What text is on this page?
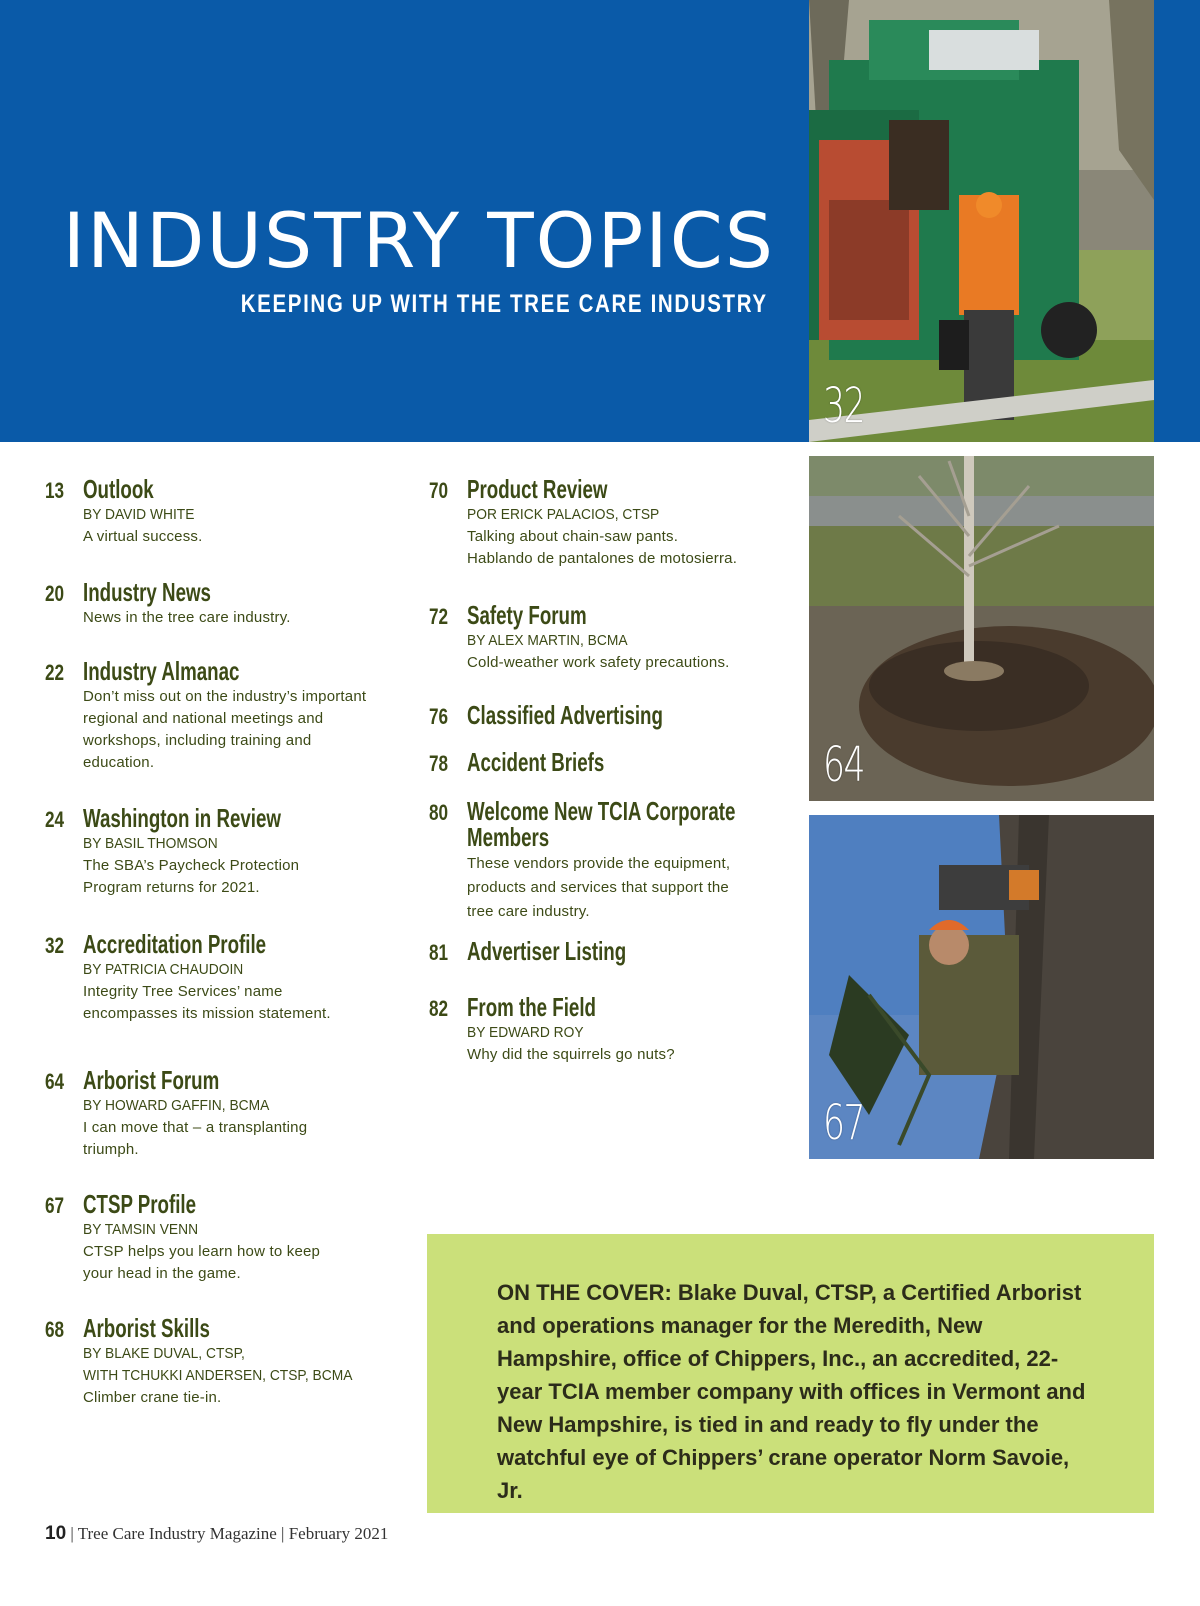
INDUSTRY TOPICS
KEEPING UP WITH THE TREE CARE INDUSTRY
32
64
67
13 Outlook
BY DAVID WHITE
A virtual success.
20 Industry News
News in the tree care industry.
22 Industry Almanac
Don’t miss out on the industry’s important regional and national meetings and workshops, including training and education.
24 Washington in Review
BY BASIL THOMSON
The SBA’s Paycheck Protection Program returns for 2021.
32 Accreditation Profile
BY PATRICIA CHAUDOIN
Integrity Tree Services’ name encompasses its mission statement.
64 Arborist Forum
BY HOWARD GAFFIN, BCMA
I can move that – a transplanting triumph.
67 CTSP Profile
BY TAMSIN VENN
CTSP helps you learn how to keep your head in the game.
68 Arborist Skills
BY BLAKE DUVAL, CTSP,
WITH TCHUKKI ANDERSEN, CTSP, BCMA
Climber crane tie-in.
70 Product Review
POR ERICK PALACIOS, CTSP
Talking about chain-saw pants.
Hablando de pantalones de motosierra.
72 Safety Forum
BY ALEX MARTIN, BCMA
Cold-weather work safety precautions.
76 Classified Advertising
78 Accident Briefs
80 Welcome New TCIA Corporate
Members
These vendors provide the equipment, products and services that support the tree care industry.
81 Advertiser Listing
82 From the Field
BY EDWARD ROY
Why did the squirrels go nuts?
ON THE COVER: Blake Duval, CTSP, a Certified Arborist and operations manager for the Meredith, New Hampshire, office of Chippers, Inc., an accredited, 22-year TCIA member company with offices in Vermont and New Hampshire, is tied in and ready to fly under the watchful eye of Chippers’ crane operator Norm Savoie, Jr.
10 | Tree Care Industry Magazine | February 2021
